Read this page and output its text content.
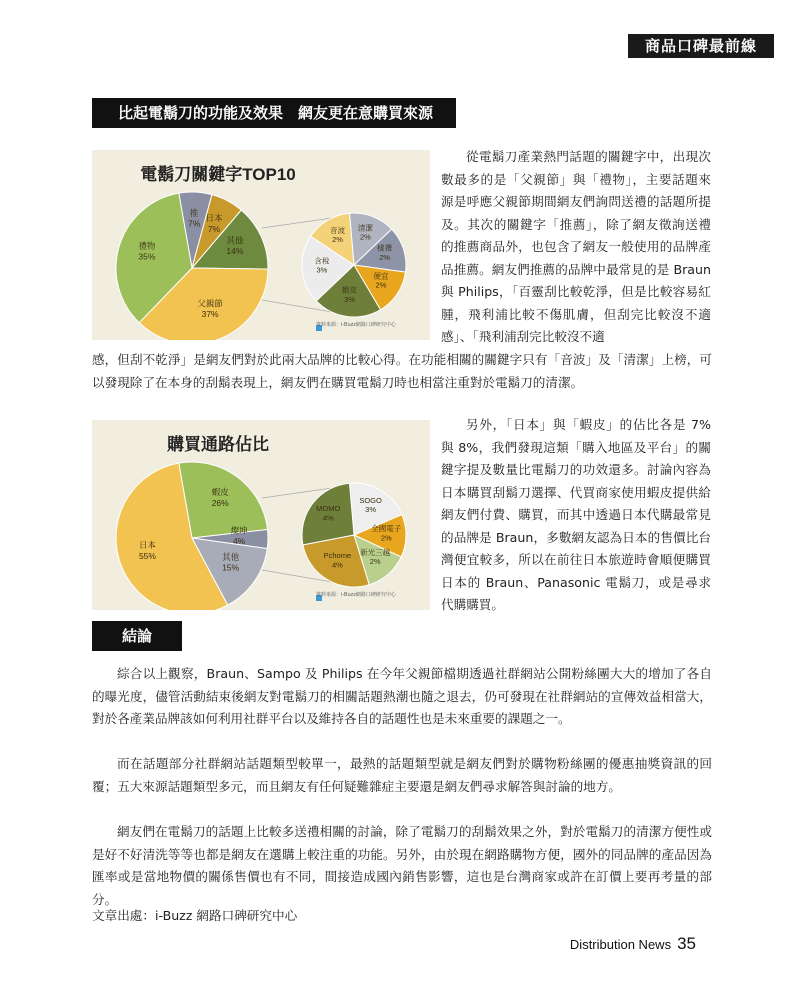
商品口碑最前線
比起電鬍刀的功能及效果　網友更在意購買來源
電鬍刀關鍵字TOP10
推 7%
日本 7%
其他 14%
父親節 37%
禮物 35%
清潔 2%
樣禮 2%
便宜 2%
蝦皮 3%
含稅 3%
音波 2%
資料來源：i-Buzz網路口碑研究中心

從電鬍刀產業熱門話題的關鍵字中，出現次數最多的是「父親節」與「禮物」，主要話題來源是呼應父親節期間網友們詢問送禮的話題所提及。其次的關鍵字「推薦」，除了網友徵詢送禮的推薦商品外，也包含了網友一般使用的品牌產品推薦。網友們推薦的品牌中最常見的是 Braun 與 Philips，「百靈刮比較乾淨，但是比較容易紅腫，飛利浦比較不傷肌膚，但刮完比較沒不適感」、「飛利浦刮完比較沒不適

感，但刮不乾淨」是網友們對於此兩大品牌的比較心得。在功能相關的關鍵字只有「音波」及「清潔」上榜，可以發現除了在本身的刮鬍表現上，網友們在購買電鬍刀時也相當注重對於電鬍刀的清潔。

購買通路佔比
蝦皮 26%
燦坤 4%
其他 15%
日本 55%
SOGO 3%
全國電子 2%
新光三越 2%
Pchome 4%
MOMO 4%
資料來源：i-Buzz網路口碑研究中心

另外，「日本」與「蝦皮」的佔比各是 7% 與 8%，我們發現這類「購入地區及平台」的關鍵字提及數量比電鬍刀的功效還多。討論內容為日本購買刮鬍刀選擇、代買商家使用蝦皮提供給網友們付費、購買，而其中透過日本代購最常見的品牌是 Braun，多數網友認為日本的售價比台灣便宜較多，所以在前往日本旅遊時會順便購買日本的 Braun、Panasonic 電鬍刀，或是尋求代購購買。

結論

綜合以上觀察，Braun、Sampo 及 Philips 在今年父親節檔期透過社群網站公開粉絲團大大的增加了各自的曝光度，儘管活動結束後網友對電鬍刀的相關話題熱潮也隨之退去，仍可發現在社群網站的宣傳效益相當大，對於各產業品牌該如何利用社群平台以及維持各自的話題性也是未來重要的課題之一。

而在話題部分社群網站話題類型較單一，最熱的話題類型就是網友們對於購物粉絲團的優惠抽獎資訊的回覆；五大來源話題類型多元，而且網友有任何疑難雜症主要還是網友們尋求解答與討論的地方。

網友們在電鬍刀的話題上比較多送禮相關的討論，除了電鬍刀的刮鬍效果之外，對於電鬍刀的清潔方便性或是好不好清洗等等也都是網友在選購上較注重的功能。另外，由於現在網路購物方便，國外的同品牌的產品因為匯率或是當地物價的關係售價也有不同，間接造成國內銷售影響，這也是台灣商家或許在訂價上要再考量的部分。

文章出處：i-Buzz 網路口碑研究中心
Distribution News 35
